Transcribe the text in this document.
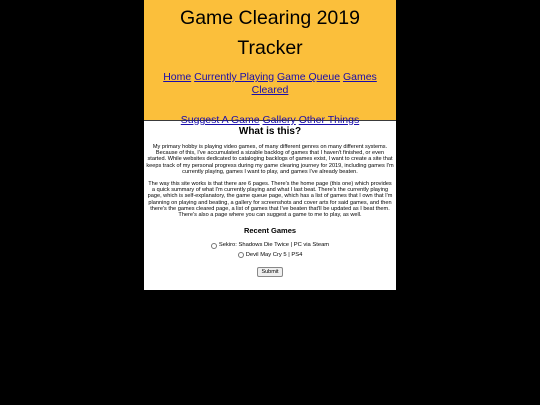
Game Clearing 2019
Tracker
Home Currently Playing Game Queue Games Cleared
Suggest A Game Gallery Other Things
What is this?

My primary hobby is playing video games, of many different genres on many different systems. Because of this, I've accumulated a sizable backlog of games that I haven't finished, or even started. While websites dedicated to cataloging backlogs of games exist, I want to create a site that keeps track of my personal progress during my game clearing journey for 2019, including games I'm currently playing, games I want to play, and games I've already beaten.

The way this site works is that there are 6 pages. There's the home page (this one) which provides a quick summary of what I'm currently playing and what I last beat. There's the currently playing page, which is self-explanatory, the game queue page, which has a list of games that I own that I'm planning on playing and beating, a gallery for screenshots and cover arts for said games, and then there's the games cleared page, a list of games that I've beaten that'll be updated as I beat them. There's also a page where you can suggest a game to me to play, as well.

Recent Games
Sekiro: Shadows Die Twice | PC via Steam
Devil May Cry 5 | PS4
Submit
